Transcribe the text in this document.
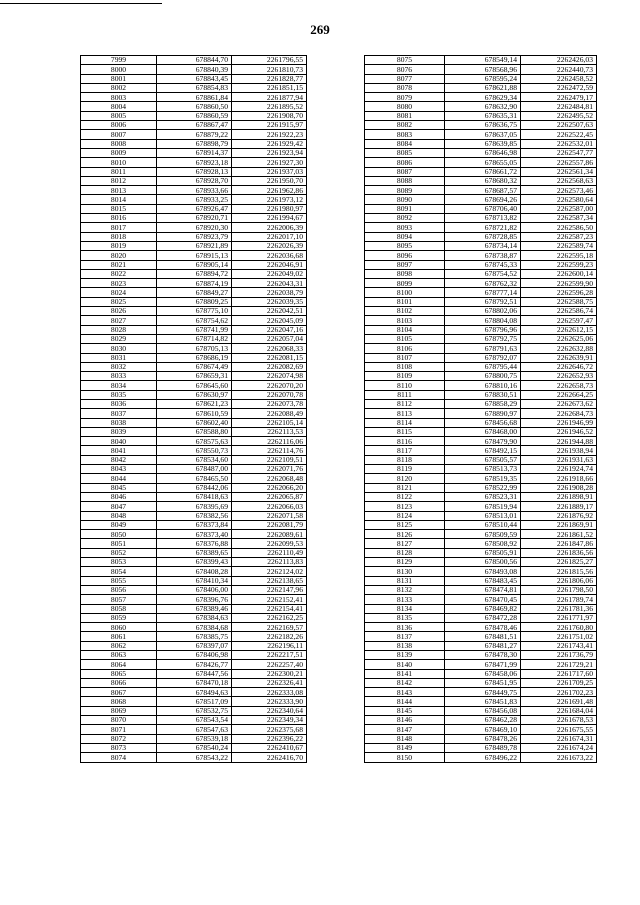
269
7999	678844,70	2261796,55
8000	678840,39	2261810,73
8001	678843,45	2261828,77
8002	678854,83	2261851,15
8003	678861,84	2261877,94
8004	678860,50	2261895,52
8005	678860,59	2261908,70
8006	678867,47	2261915,97
8007	678879,22	2261922,23
8008	678898,79	2261929,42
8009	678914,37	2261923,94
8010	678923,18	2261927,30
8011	678928,13	2261937,03
8012	678928,70	2261950,70
8013	678933,66	2261962,86
8014	678933,25	2261973,12
8015	678926,47	2261980,97
8016	678920,71	2261994,67
8017	678920,30	2262006,39
8018	678923,79	2262017,10
8019	678921,89	2262026,39
8020	678915,13	2262036,68
8021	678905,14	2262046,91
8022	678894,72	2262049,02
8023	678874,19	2262043,31
8024	678849,27	2262038,79
8025	678809,25	2262039,35
8026	678775,10	2262042,51
8027	678754,62	2262045,09
8028	678741,99	2262047,16
8029	678714,82	2262057,04
8030	678705,13	2262068,33
8031	678686,19	2262081,15
8032	678674,49	2262082,69
8033	678659,31	2262074,98
8034	678645,60	2262070,20
8035	678630,97	2262070,78
8036	678621,23	2262073,78
8037	678610,59	2262088,49
8038	678602,40	2262105,14
8039	678588,80	2262113,53
8040	678575,63	2262116,06
8041	678550,73	2262114,76
8042	678534,60	2262109,51
8043	678487,00	2262071,76
8044	678465,50	2262068,48
8045	678442,06	2262066,20
8046	678418,63	2262065,87
8047	678395,69	2262066,03
8048	678382,56	2262071,58
8049	678373,84	2262081,79
8050	678373,40	2262089,61
8051	678376,88	2262099,53
8052	678389,65	2262110,49
8053	678399,43	2262113,83
8054	678408,28	2262124,02
8055	678410,34	2262138,65
8056	678406,00	2262147,96
8057	678396,76	2262152,41
8058	678389,46	2262154,41
8059	678384,63	2262162,25
8060	678384,68	2262169,57
8061	678385,75	2262182,26
8062	678397,07	2262196,11
8063	678406,98	2262217,51
8064	678426,77	2262257,40
8065	678447,56	2262300,21
8066	678470,18	2262326,41
8067	678494,63	2262333,08
8068	678517,09	2262333,90
8069	678532,75	2262340,64
8070	678543,54	2262349,34
8071	678547,63	2262375,68
8072	678539,18	2262396,22
8073	678540,24	2262410,67
8074	678543,22	2262416,70
8075	678549,14	2262426,03
8076	678568,96	2262440,73
8077	678595,24	2262458,52
8078	678621,88	2262472,59
8079	678629,34	2262479,17
8080	678632,90	2262484,81
8081	678635,31	2262495,52
8082	678636,75	2262507,63
8083	678637,05	2262522,45
8084	678639,85	2262532,01
8085	678646,98	2262547,77
8086	678655,05	2262557,86
8087	678661,72	2262561,34
8088	678680,32	2262568,63
8089	678687,57	2262573,46
8090	678694,26	2262580,64
8091	678706,40	2262587,00
8092	678713,82	2262587,34
8093	678721,82	2262586,50
8094	678728,85	2262587,23
8095	678734,14	2262589,74
8096	678738,87	2262595,18
8097	678745,33	2262599,23
8098	678754,52	2262600,14
8099	678762,32	2262599,90
8100	678777,14	2262596,28
8101	678792,51	2262588,75
8102	678802,06	2262586,74
8103	678804,08	2262597,47
8104	678796,96	2262612,15
8105	678792,75	2262625,06
8106	678791,63	2262632,88
8107	678792,07	2262639,91
8108	678795,44	2262646,72
8109	678800,75	2262652,93
8110	678810,16	2262658,73
8111	678830,51	2262664,25
8112	678858,29	2262673,62
8113	678890,97	2262684,73
8114	678456,68	2261946,99
8115	678468,00	2261946,52
8116	678479,90	2261944,88
8117	678492,15	2261938,94
8118	678505,57	2261931,63
8119	678513,73	2261924,74
8120	678519,35	2261918,66
8121	678522,99	2261908,28
8122	678523,31	2261898,91
8123	678519,94	2261889,17
8124	678513,01	2261876,92
8125	678510,44	2261869,91
8126	678509,59	2261861,52
8127	678508,92	2261847,86
8128	678505,91	2261836,56
8129	678500,56	2261825,27
8130	678493,08	2261815,56
8131	678483,45	2261806,06
8132	678474,81	2261798,50
8133	678470,45	2261789,74
8134	678469,82	2261781,36
8135	678472,28	2261771,97
8136	678478,46	2261760,80
8137	678481,51	2261751,02
8138	678481,27	2261743,41
8139	678478,30	2261736,79
8140	678471,99	2261729,21
8141	678458,06	2261717,60
8142	678451,95	2261709,25
8143	678449,75	2261702,23
8144	678451,83	2261691,48
8145	678456,08	2261684,04
8146	678462,28	2261678,53
8147	678469,10	2261675,55
8148	678478,26	2261674,31
8149	678489,78	2261674,24
8150	678496,22	2261673,22
